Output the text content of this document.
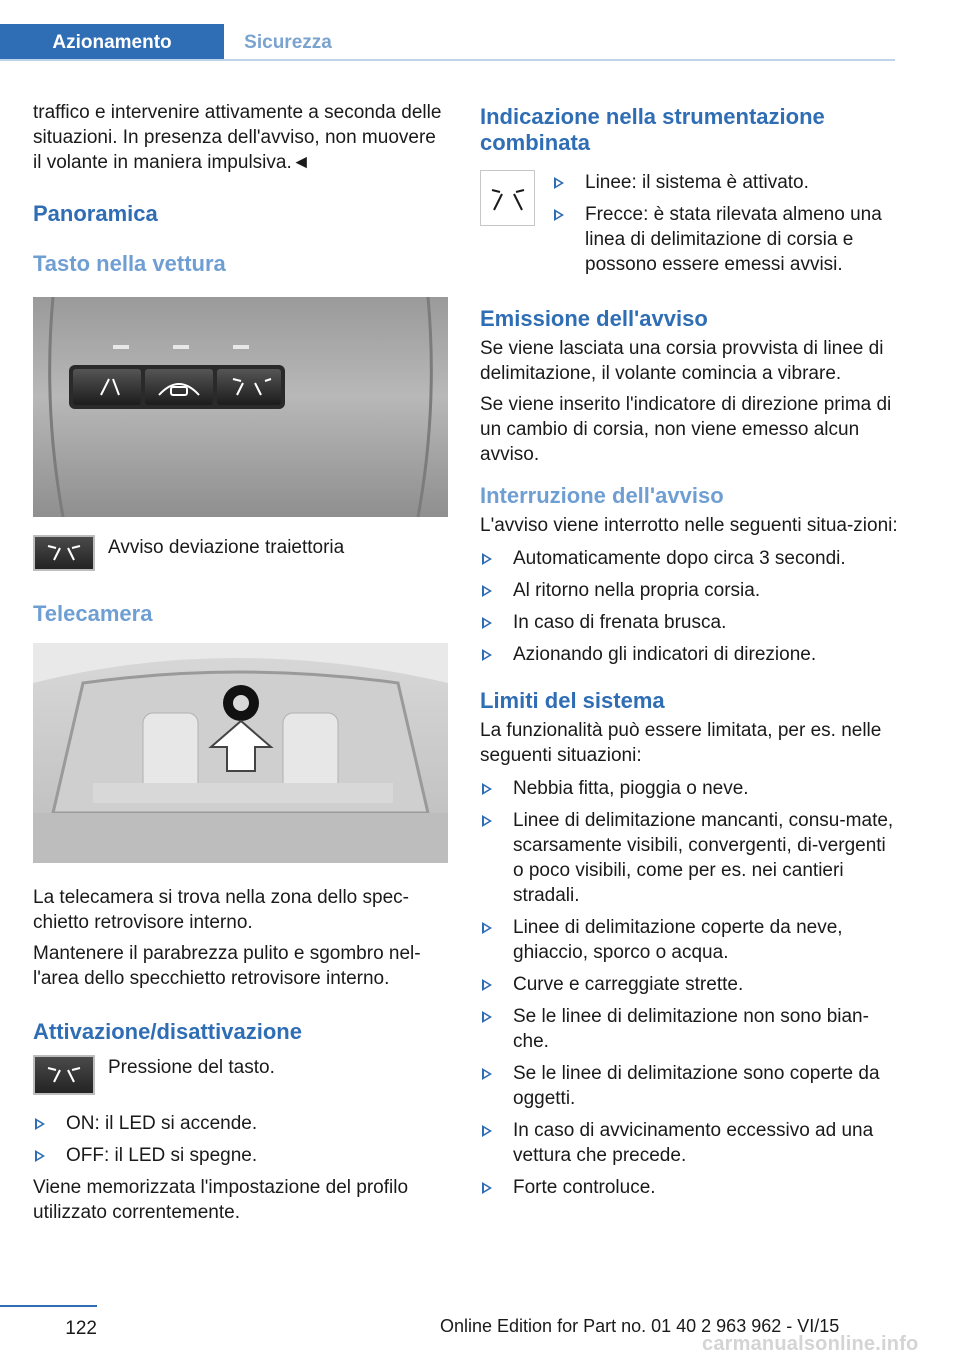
Azionamento	Sicurezza

traffico e intervenire attivamente a seconda delle situazioni. In presenza dell'avviso, non muovere il volante in maniera impulsiva.◄

Panoramica
Tasto nella vettura
Avviso deviazione traiettoria
Telecamera

La telecamera si trova nella zona dello spec-chietto retrovisore interno.

Mantenere il parabrezza pulito e sgombro nel-l'area dello specchietto retrovisore interno.

Attivazione/disattivazione
Pressione del tasto.
ON: il LED si accende.
OFF: il LED si spegne.

Viene memorizzata l'impostazione del profilo utilizzato correntemente.

Indicazione nella strumentazione combinata
Linee: il sistema è attivato.
Frecce: è stata rilevata almeno una linea di delimitazione di corsia e possono essere emessi avvisi.
Emissione dell'avviso

Se viene lasciata una corsia provvista di linee di delimitazione, il volante comincia a vibrare.

Se viene inserito l'indicatore di direzione prima di un cambio di corsia, non viene emesso alcun avviso.

Interruzione dell'avviso

L'avviso viene interrotto nelle seguenti situa-zioni:

Automaticamente dopo circa 3 secondi.
Al ritorno nella propria corsia.
In caso di frenata brusca.
Azionando gli indicatori di direzione.
Limiti del sistema

La funzionalità può essere limitata, per es. nelle seguenti situazioni:

Nebbia fitta, pioggia o neve.
Linee di delimitazione mancanti, consu-mate, scarsamente visibili, convergenti, di-vergenti o poco visibili, come per es. nei cantieri stradali.
Linee di delimitazione coperte da neve, ghiaccio, sporco o acqua.
Curve e carreggiate strette.
Se le linee di delimitazione non sono bian-che.
Se le linee di delimitazione sono coperte da oggetti.
In caso di avvicinamento eccessivo ad una vettura che precede.
Forte controluce.
122	Online Edition for Part no. 01 40 2 963 962 - VI/15
carmanualsonline.info
